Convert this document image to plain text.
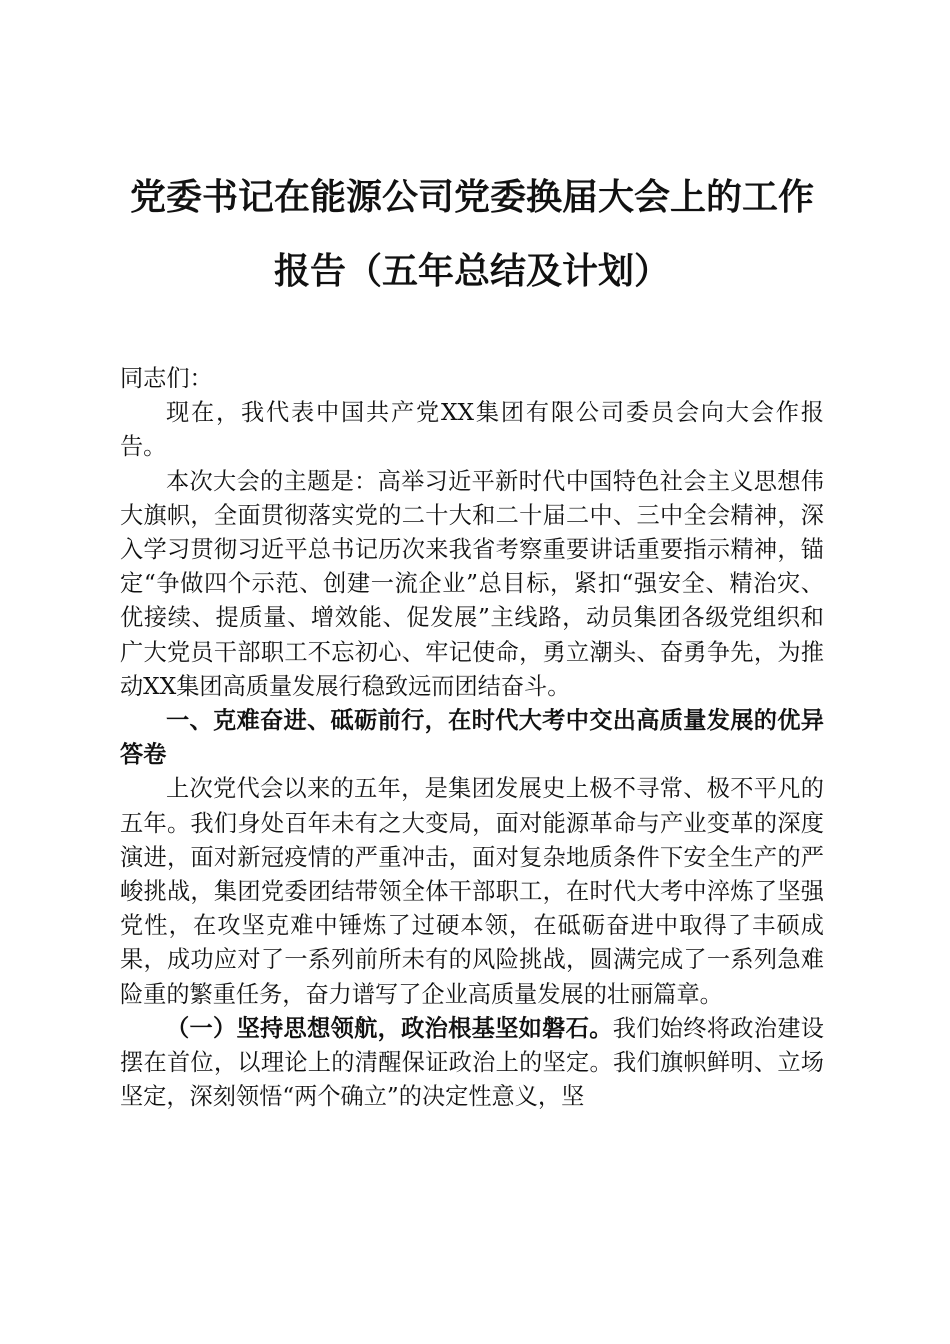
党委书记在能源公司党委换届大会上的工作报告（五年总结及计划）

同志们：

现在，我代表中国共产党XX集团有限公司委员会向大会作报告。

本次大会的主题是：高举习近平新时代中国特色社会主义思想伟大旗帜，全面贯彻落实党的二十大和二十届二中、三中全会精神，深入学习贯彻习近平总书记历次来我省考察重要讲话重要指示精神，锚定“争做四个示范、创建一流企业”总目标，紧扣“强安全、精治灾、优接续、提质量、增效能、促发展”主线路，动员集团各级党组织和广大党员干部职工不忘初心、牢记使命，勇立潮头、奋勇争先，为推动XX集团高质量发展行稳致远而团结奋斗。

一、克难奋进、砥砺前行，在时代大考中交出高质量发展的优异答卷

上次党代会以来的五年，是集团发展史上极不寻常、极不平凡的五年。我们身处百年未有之大变局，面对能源革命与产业变革的深度演进，面对新冠疫情的严重冲击，面对复杂地质条件下安全生产的严峻挑战，集团党委团结带领全体干部职工，在时代大考中淬炼了坚强党性，在攻坚克难中锤炼了过硬本领，在砥砺奋进中取得了丰硕成果，成功应对了一系列前所未有的风险挑战，圆满完成了一系列急难险重的繁重任务，奋力谱写了企业高质量发展的壮丽篇章。

（一）坚持思想领航，政治根基坚如磐石。我们始终将政治建设摆在首位，以理论上的清醒保证政治上的坚定。我们旗帜鲜明、立场坚定，深刻领悟“两个确立”的决定性意义，坚
